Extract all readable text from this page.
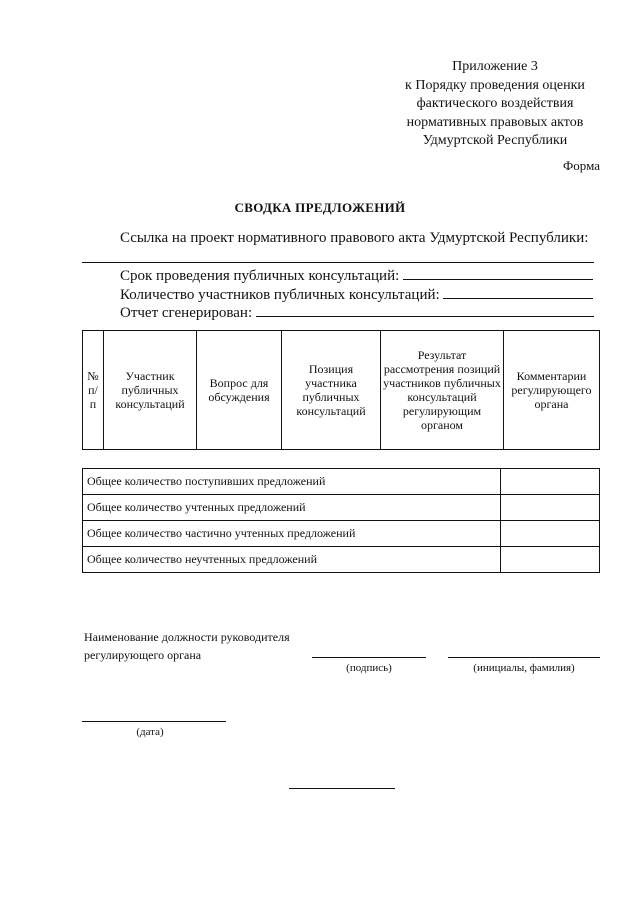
Приложение 3
к Порядку проведения оценки
фактического воздействия
нормативных правовых актов
Удмуртской Республики
Форма
СВОДКА ПРЕДЛОЖЕНИЙ
Ссылка на проект нормативного правового акта Удмуртской Республики:
Срок проведения публичных консультаций:
Количество участников публичных консультаций:
Отчет сгенерирован:
№ п/п	Участник публичных консультаций	Вопрос для обсуждения	Позиция участника публичных консультаций	Результат рассмотрения позиций участников публичных консультаций регулирующим органом	Комментарии регулирующего органа
Общее количество поступивших предложений	
Общее количество учтенных предложений	
Общее количество частично учтенных предложений	
Общее количество неучтенных предложений	
Наименование должности руководителя
регулирующего органа
(подпись)	(инициалы, фамилия)
(дата)
